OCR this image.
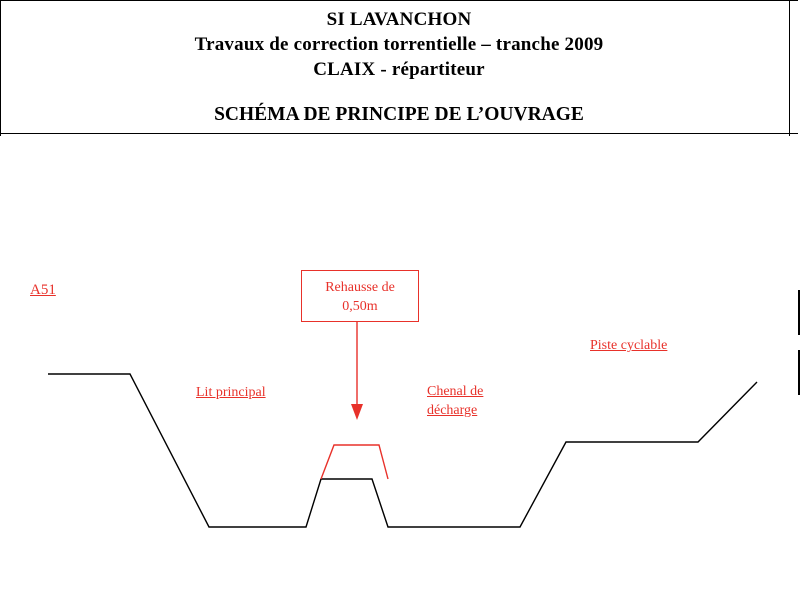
SI LAVANCHON
Travaux de correction torrentielle – tranche 2009
CLAIX - répartiteur
SCHÉMA DE PRINCIPE DE L’OUVRAGE
A51
Lit principal	Chenal de décharge
Piste cyclable
Rehausse de
0,50m
